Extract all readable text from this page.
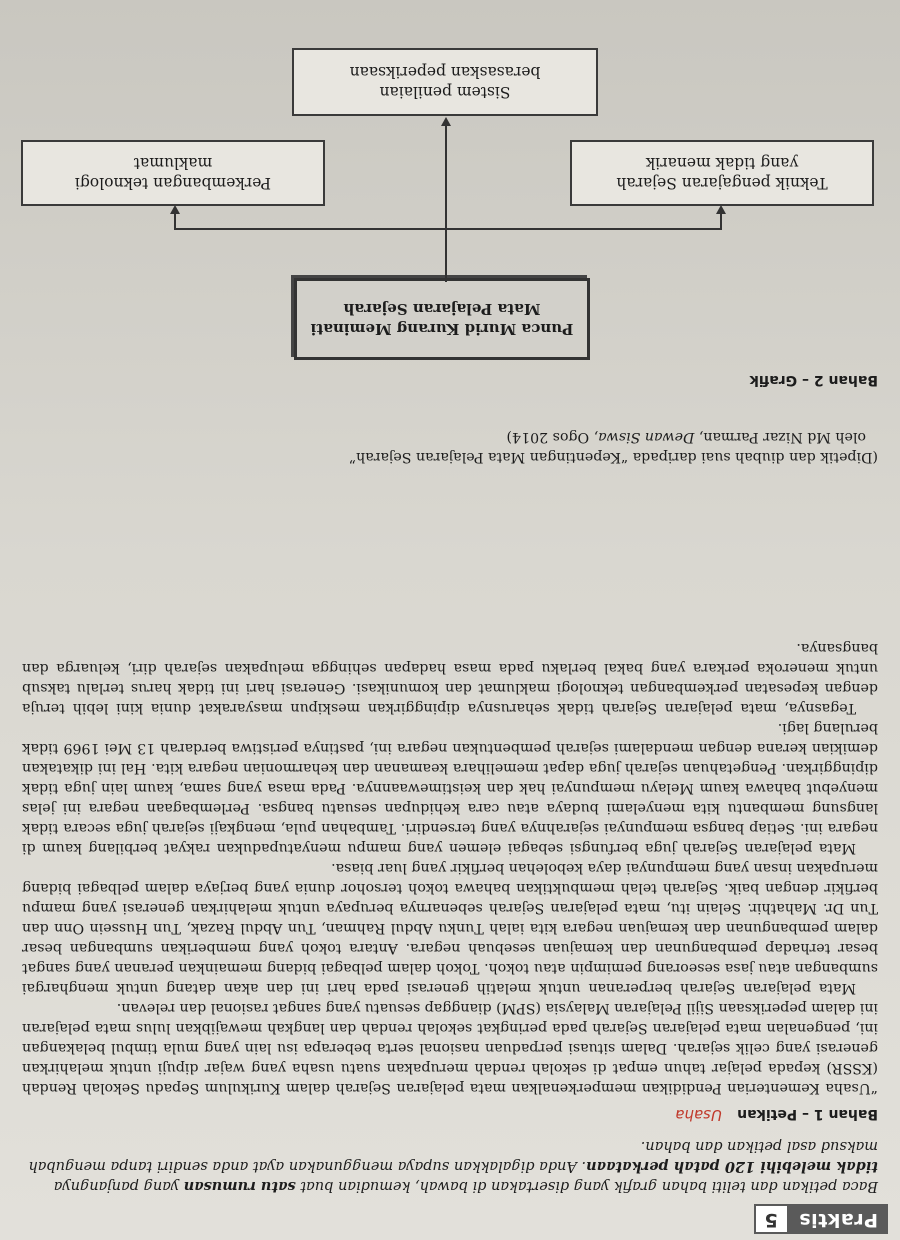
Praktis
5
Baca petikan dan teliti bahan grafik yang disertakan di bawah, kemudian buat satu rumusan yang panjangnya tidak melebihi 120 patah perkataan. Anda digalakkan supaya menggunakan ayat anda sendiri tanpa mengubah maksud asal petikan dan bahan.
Bahan 1 – Petikan
Usaha

“Usaha Kementerian Pendidikan memperkenalkan mata pelajaran Sejarah dalam Kurikulum Sepadu Sekolah Rendah (KSSR) kepada pelajar tahun empat di sekolah rendah merupakan suatu usaha yang wajar dipuji untuk melahirkan generasi yang celik sejarah. Dalam situasi perpaduan nasional serta beberapa isu lain yang mula timbul belakangan ini, pengenalan mata pelajaran Sejarah pada peringkat sekolah rendah dan langkah mewajibkan lulus mata pelajaran ini dalam peperiksaan Sijil Pelajaran Malaysia (SPM) dianggap sesuatu yang sangat rasional dan relevan.

Mata pelajaran Sejarah berperanan untuk melatih generasi pada hari ini dan akan datang untuk menghargai sumbangan atau jasa seseorang pemimpin atau tokoh. Tokoh dalam pelbagai bidang memainkan peranan yang sangat besar terhadap pembangunan dan kemajuan sesebuah negara. Antara tokoh yang memberikan sumbangan besar dalam pembangunan dan kemajuan negara kita ialah Tunku Abdul Rahman, Tun Abdul Razak, Tun Hussein Onn dan Tun Dr. Mahathir. Selain itu, mata pelajaran Sejarah sebenarnya berupaya untuk melahirkan generasi yang mampu berfikir dengan baik. Sejarah telah membuktikan bahawa tokoh tersohor dunia yang berjaya dalam pelbagai bidang merupakan insan yang mempunyai daya kebolehan berfikir yang luar biasa.

Mata pelajaran Sejarah juga berfungsi sebagai elemen yang mampu menyatupadukan rakyat berbilang kaum di negara ini. Setiap bangsa mempunyai sejarahnya yang tersendiri. Tambahan pula, mengkaji sejarah juga secara tidak langsung membantu kita menyelami budaya atau cara kehidupan sesuatu bangsa. Perlembagaan negara ini jelas menyebut bahawa kaum Melayu mempunyai hak dan keistimewaannya. Pada masa yang sama, kaum lain juga tidak dipinggirkan. Pengetahuan sejarah juga dapat memelihara keamanan dan keharmonian negara kita. Hal ini dikatakan demikian kerana dengan mendalami sejarah pembentukan negara ini, pastinya peristiwa berdarah 13 Mei 1969 tidak berulang lagi.

Tegasnya, mata pelajaran Sejarah tidak seharusnya dipinggirkan meskipun masyarakat dunia kini lebih teruja dengan kepesatan perkembangan teknologi maklumat dan komunikasi. Generasi hari ini tidak harus terlalu taksub untuk meneroka perkara yang bakal berlaku pada masa hadapan sehingga melupakan sejarah diri, keluarga dan bangsanya.

(Dipetik dan diubah suai daripada “Kepentingan Mata Pelajaran Sejarah”
oleh Md Nizar Parman, Dewan Siswa, Ogos 2014)
Bahan 2 – Grafik
Punca Murid Kurang Meminati
Mata Pelajaran Sejarah
Teknik pengajaran Sejarah
yang tidak menarik
Perkembangan teknologi
maklumat
Sistem penilaian
berasaskan peperiksaan
